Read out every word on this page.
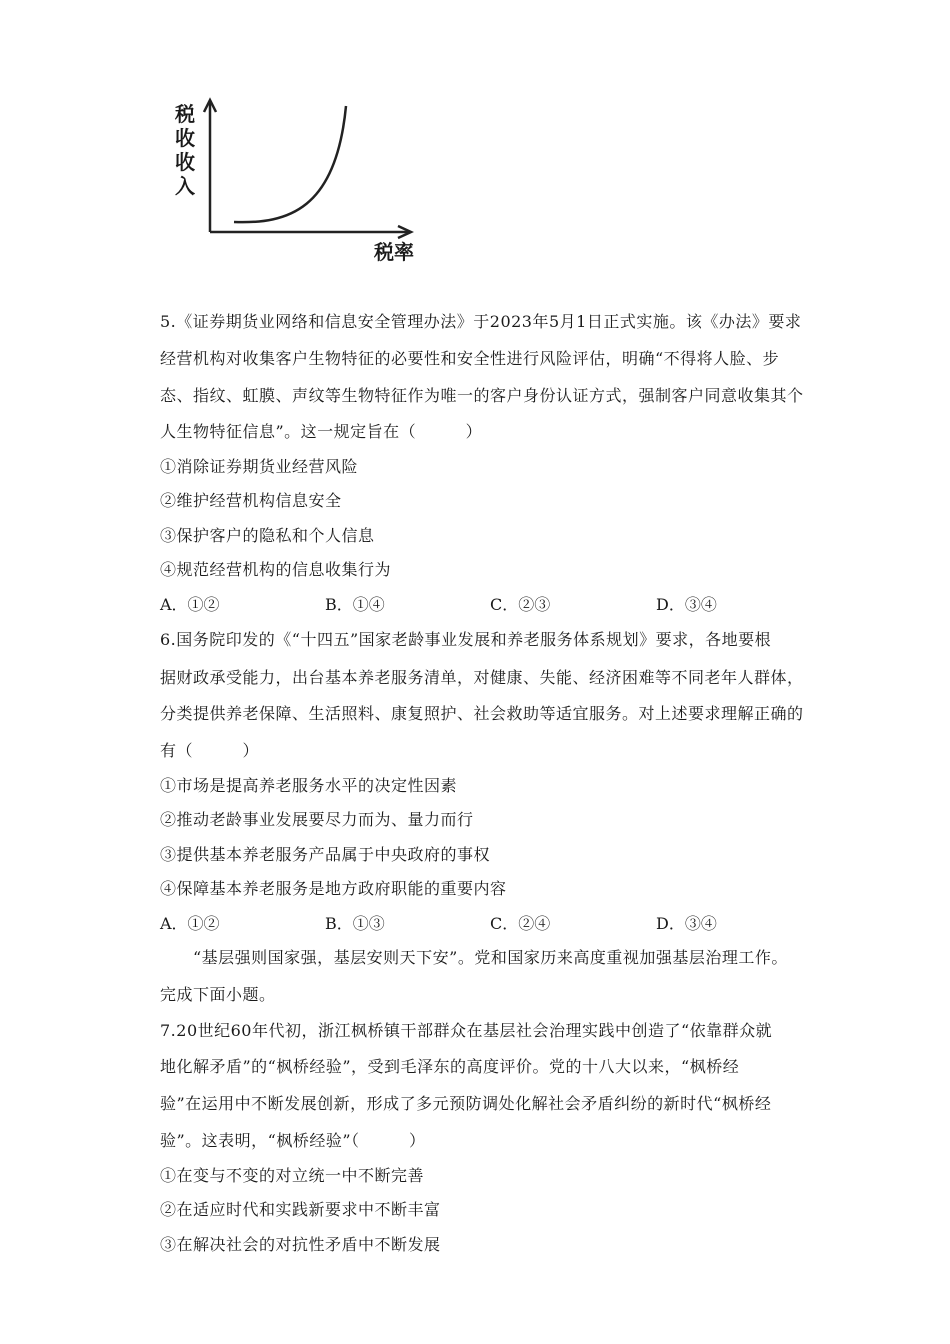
税收收入
税率
5.《证券期货业网络和信息安全管理办法》于2023年5月1日正式实施。该《办法》要求
经营机构对收集客户生物特征的必要性和安全性进行风险评估，明确“不得将人脸、步
态、指纹、虹膜、声纹等生物特征作为唯一的客户身份认证方式，强制客户同意收集其个
人生物特征信息”。这一规定旨在（　　　）
①消除证券期货业经营风险
②维护经营机构信息安全
③保护客户的隐私和个人信息
④规范经营机构的信息收集行为
A．①②	B．①④	C．②③	D．③④
6.国务院印发的《“十四五”国家老龄事业发展和养老服务体系规划》要求，各地要根
据财政承受能力，出台基本养老服务清单，对健康、失能、经济困难等不同老年人群体，
分类提供养老保障、生活照料、康复照护、社会救助等适宜服务。对上述要求理解正确的
有（　　　）
①市场是提高养老服务水平的决定性因素
②推动老龄事业发展要尽力而为、量力而行
③提供基本养老服务产品属于中央政府的事权
④保障基本养老服务是地方政府职能的重要内容
A．①②	B．①③	C．②④	D．③④
　　“基层强则国家强，基层安则天下安”。党和国家历来高度重视加强基层治理工作。
完成下面小题。
7.20世纪60年代初，浙江枫桥镇干部群众在基层社会治理实践中创造了“依靠群众就
地化解矛盾”的“枫桥经验”，受到毛泽东的高度评价。党的十八大以来，“枫桥经
验”在运用中不断发展创新，形成了多元预防调处化解社会矛盾纠纷的新时代“枫桥经
验”。这表明，“枫桥经验”（　　　）
①在变与不变的对立统一中不断完善
②在适应时代和实践新要求中不断丰富
③在解决社会的对抗性矛盾中不断发展
